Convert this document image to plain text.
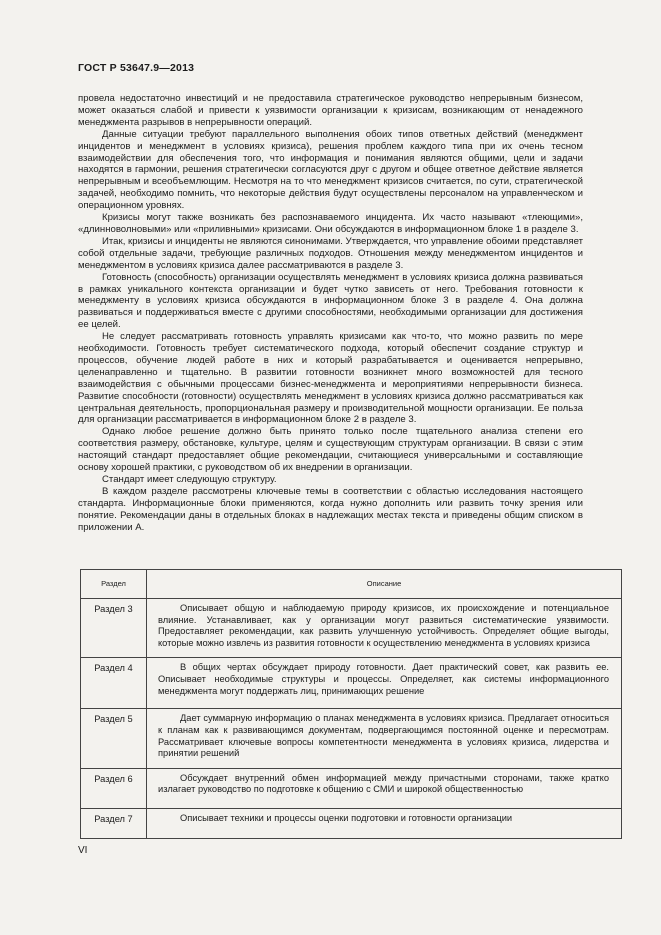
ГОСТ Р 53647.9—2013

провела недостаточно инвестиций и не предоставила стратегическое руководство непрерывным бизнесом, может оказаться слабой и привести к уязвимости организации к кризисам, возникающим от ненадежного менеджмента разрывов в непрерывности операций.

Данные ситуации требуют параллельного выполнения обоих типов ответных действий (менеджмент инцидентов и менеджмент в условиях кризиса), решения проблем каждого типа при их очень тесном взаимодействии для обеспечения того, что информация и понимания являются общими, цели и задачи находятся в гармонии, решения стратегически согласуются друг с другом и общее ответное действие является непрерывным и всеобъемлющим. Несмотря на то что менеджмент кризисов считается, по сути, стратегической задачей, необходимо помнить, что некоторые действия будут осуществлены персоналом на управленческом и операционном уровнях.

Кризисы могут также возникать без распознаваемого инцидента. Их часто называют «тлеющими», «длинноволновыми» или «приливными» кризисами. Они обсуждаются в информационном блоке 1 в разделе 3.

Итак, кризисы и инциденты не являются синонимами. Утверждается, что управление обоими представляет собой отдельные задачи, требующие различных подходов. Отношения между менеджментом инцидентов и менеджментом в условиях кризиса далее рассматриваются в разделе 3.

Готовность (способность) организации осуществлять менеджмент в условиях кризиса должна развиваться в рамках уникального контекста организации и будет чутко зависеть от него. Требования готовности к менеджменту в условиях кризиса обсуждаются в информационном блоке 3 в разделе 4. Она должна развиваться и поддерживаться вместе с другими способностями, необходимыми организации для достижения ее целей.

Не следует рассматривать готовность управлять кризисами как что-то, что можно развить по мере необходимости. Готовность требует систематического подхода, который обеспечит создание структур и процессов, обучение людей работе в них и который разрабатывается и оценивается непрерывно, целенаправленно и тщательно. В развитии готовности возникнет много возможностей для тесного взаимодействия с обычными процессами бизнес-менеджмента и мероприятиями непрерывности бизнеса. Развитие способности (готовности) осуществлять менеджмент в условиях кризиса должно рассматриваться как центральная деятельность, пропорциональная размеру и производительной мощности организации. Ее польза для организации рассматривается в информационном блоке 2 в разделе 3.

Однако любое решение должно быть принято только после тщательного анализа степени его соответствия размеру, обстановке, культуре, целям и существующим структурам организации. В связи с этим настоящий стандарт предоставляет общие рекомендации, считающиеся универсальными и составляющие основу хорошей практики, с руководством об их внедрении в организации.

Стандарт имеет следующую структуру.

В каждом разделе рассмотрены ключевые темы в соответствии с областью исследования настоящего стандарта. Информационные блоки применяются, когда нужно дополнить или развить точку зрения или понятие. Рекомендации даны в отдельных блоках в надлежащих местах текста и приведены общим списком в приложении А.

Раздел	Описание
Раздел 3	Описывает общую и наблюдаемую природу кризисов, их происхождение и потенциальное влияние. Устанавливает, как у организации могут развиться систематические уязвимости. Предоставляет рекомендации, как развить улучшенную устойчивость. Определяет общие выгоды, которые можно извлечь из развития готовности к осуществлению менеджмента в условиях кризиса

Раздел 4	В общих чертах обсуждает природу готовности. Дает практический совет, как развить ее. Описывает необходимые структуры и процессы. Определяет, как системы информационного менеджмента могут поддержать лиц, принимающих решение

Раздел 5	Дает суммарную информацию о планах менеджмента в условиях кризиса. Предлагает относиться к планам как к развивающимся документам, подвергающимся постоянной оценке и пересмотрам. Рассматривает ключевые вопросы компетентности менеджмента в условиях кризиса, лидерства и принятии решений

Раздел 6	Обсуждает внутренний обмен информацией между причастными сторонами, также кратко излагает руководство по подготовке к общению с СМИ и широкой общественностью

Раздел 7	Описывает техники и процессы оценки подготовки и готовности организации
VI
